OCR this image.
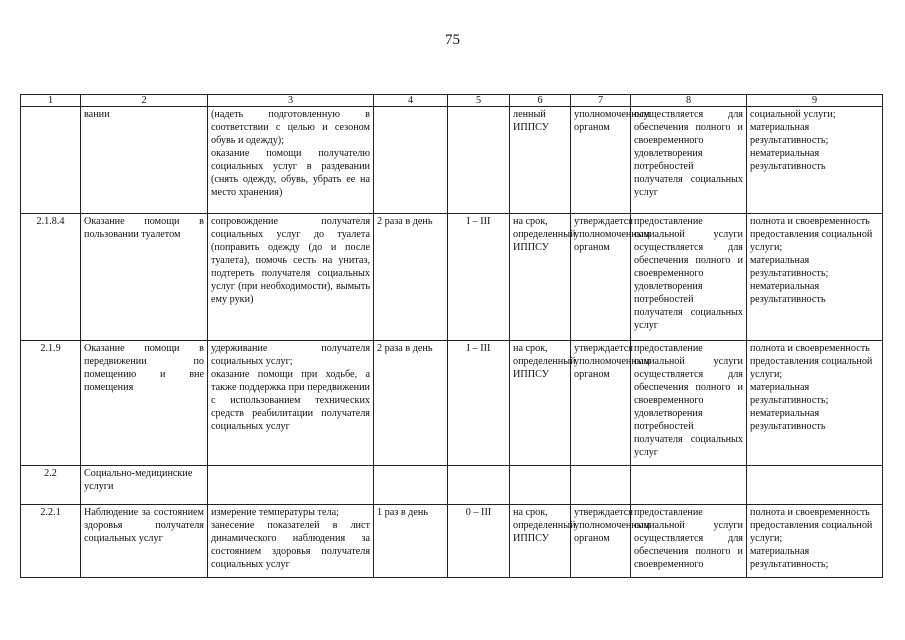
75
1	2	3	4	5	6	7	8	9
	вании	(надеть подготовленную в соответствии с целью и сезоном обувь и одежду);
оказание помощи получателю социальных услуг в раздевании (снять одежду, обувь, убрать ее на место хранения)			ленный ИППСУ	уполномоченным органом	осуществляется для обеспечения полного и своевременного удовлетворения потребностей получателя социальных услуг	социальной услуги;
материальная результативность;
нематериальная результативность
2.1.8.4	Оказание помощи в пользовании туалетом	сопровождение получателя социальных услуг до туалета (поправить одежду (до и после туалета), помочь сесть на унитаз, подтереть получателя социальных услуг (при необходимости), вымыть ему руки)	2 раза в день	I – III	на срок, определенный ИППСУ	утверждается уполномоченным органом	предоставление социальной услуги осуществляется для обеспечения полного и своевременного удовлетворения потребностей получателя социальных услуг	полнота и своевременность предоставления социальной услуги;
материальная результативность;
нематериальная результативность
2.1.9	Оказание помощи в передвижении по помещению и вне помещения	удерживание получателя социальных услуг;
оказание помощи при ходьбе, а также поддержка при передвижении с использованием технических средств реабилитации получателя социальных услуг	2 раза в день	I – III	на срок, определенный ИППСУ	утверждается уполномоченным органом	предоставление социальной услуги осуществляется для обеспечения полного и своевременного удовлетворения потребностей получателя социальных услуг	полнота и своевременность предоставления социальной услуги;
материальная результативность;
нематериальная результативность
2.2	Социально-медицинские услуги							
2.2.1	Наблюдение за состоянием здоровья получателя социальных услуг	измерение температуры тела;
занесение показателей в лист динамического наблюдения за состоянием здоровья получателя социальных услуг	1 раз в день	0 – III	на срок, определенный ИППСУ	утверждается уполномоченным органом	предоставление социальной услуги осуществляется для обеспечения полного и своевременного	полнота и своевременность предоставления социальной услуги;
материальная результативность;
